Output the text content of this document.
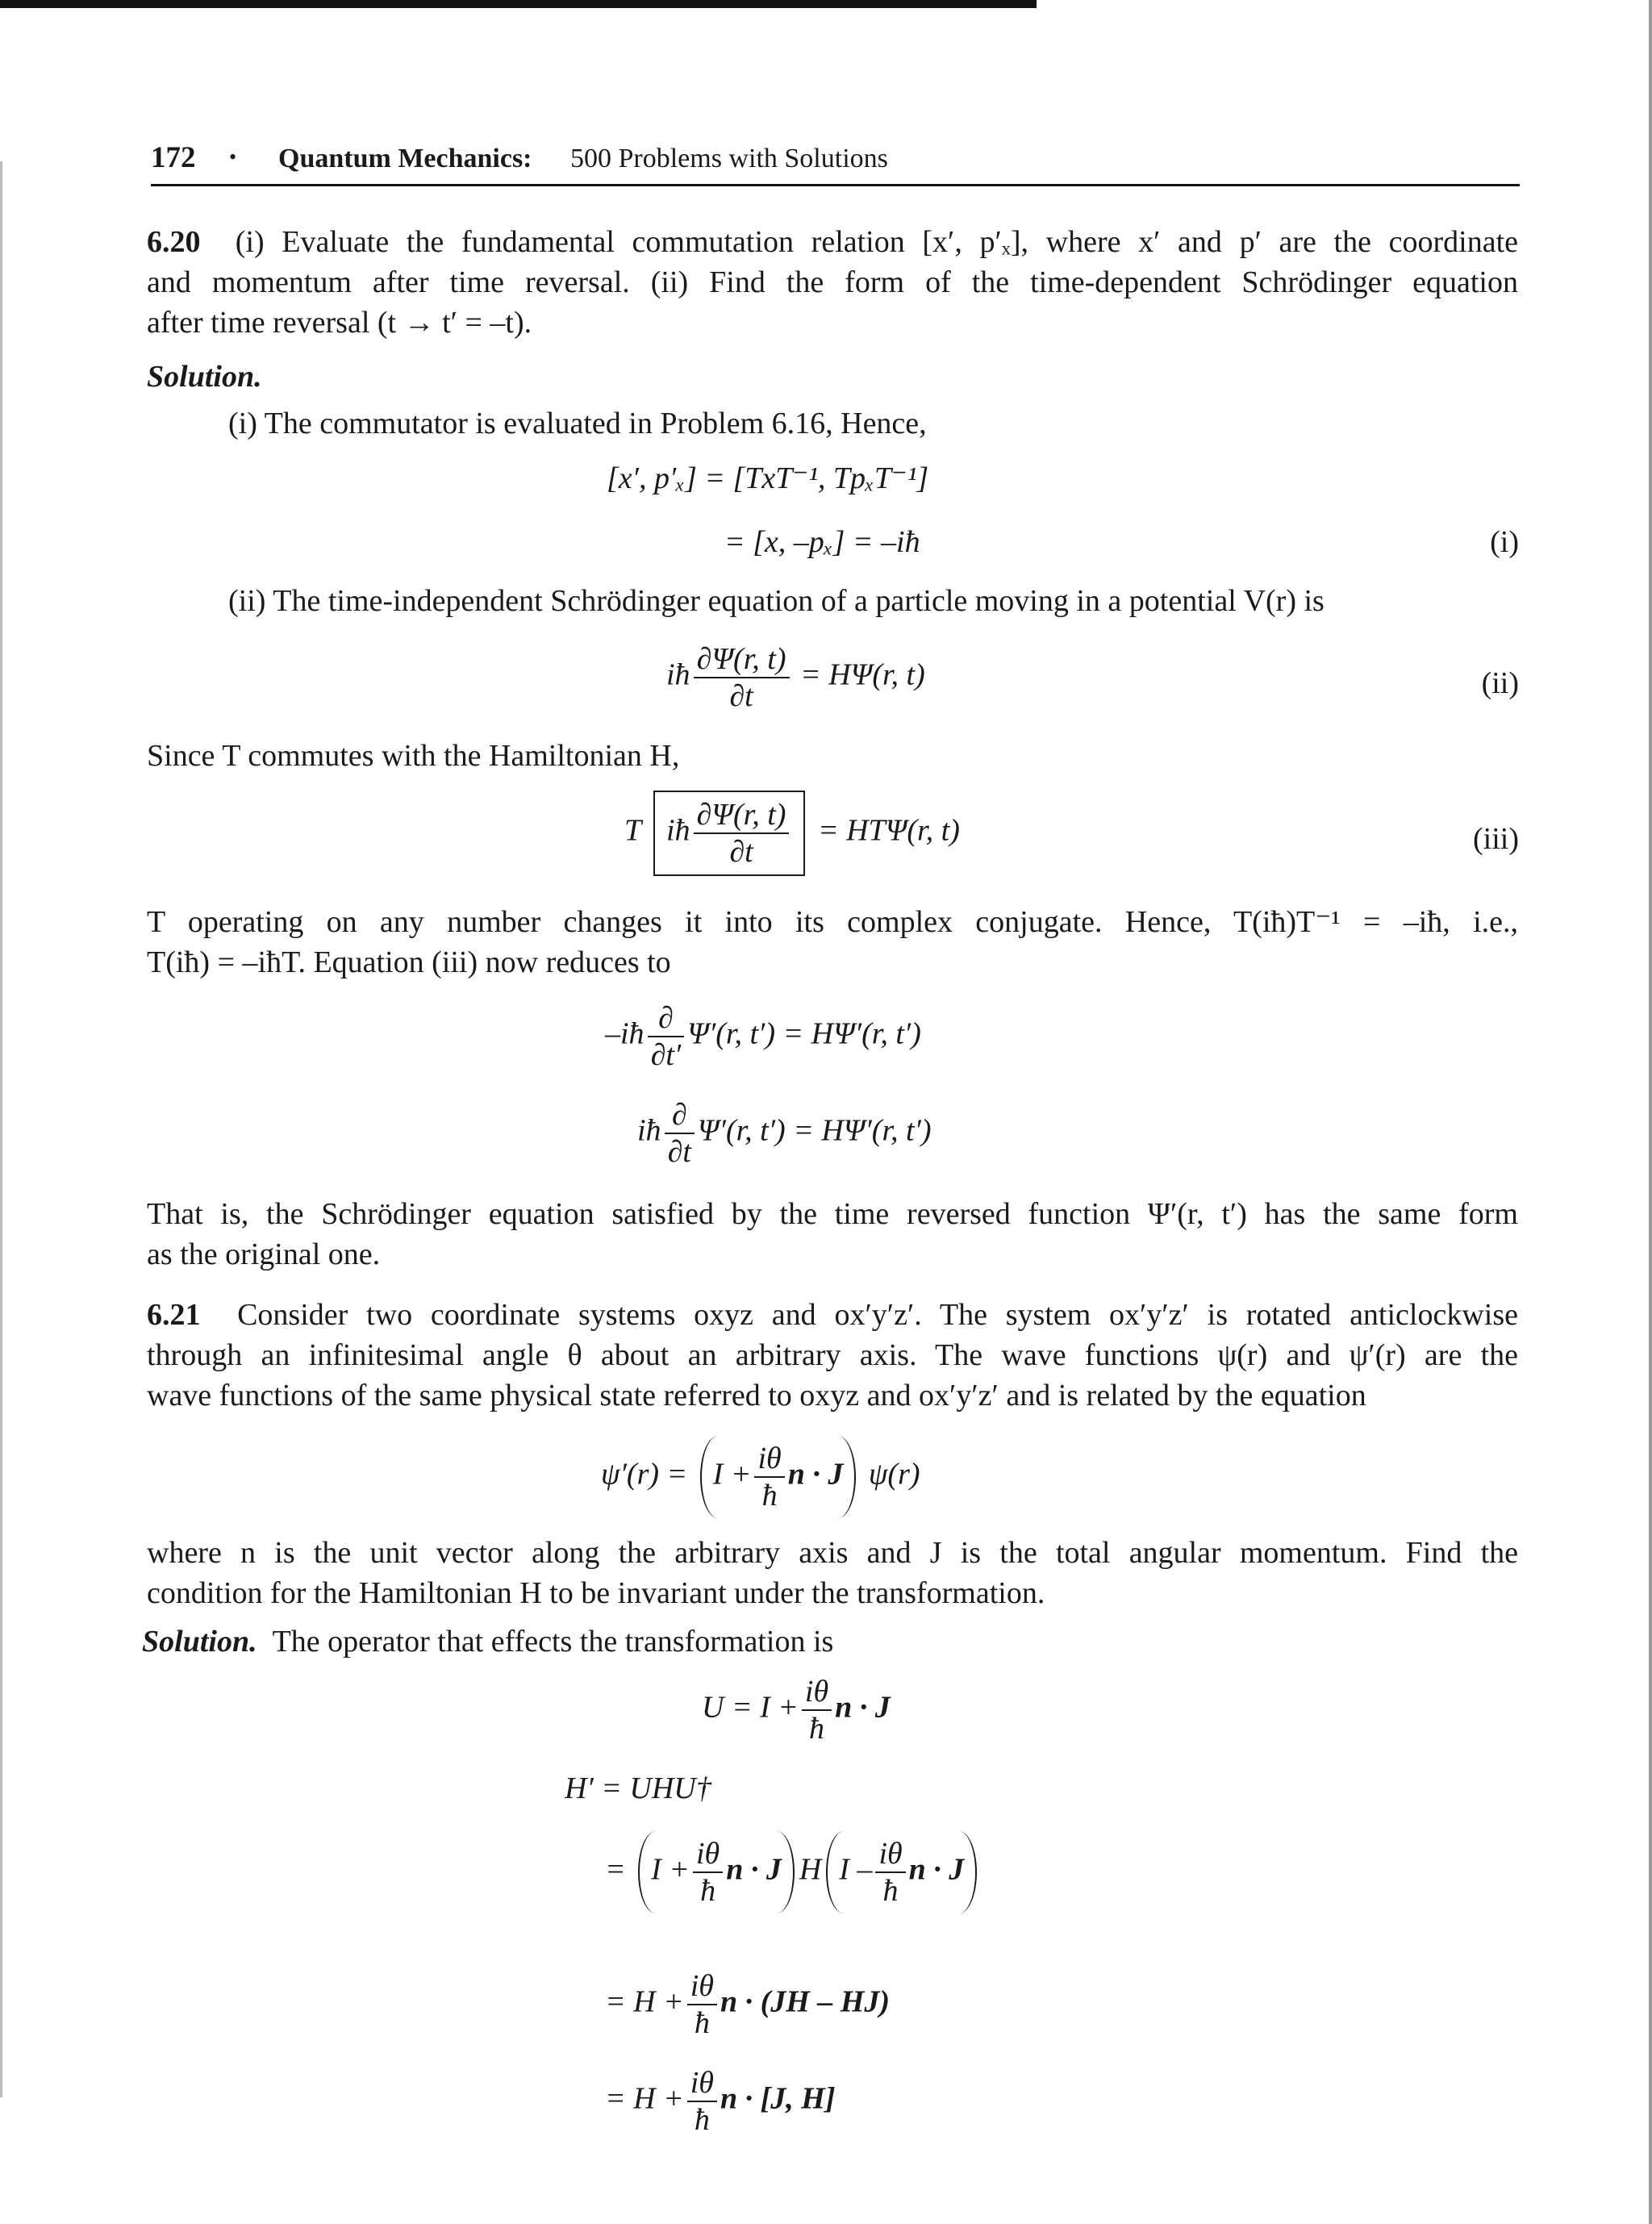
172 • Quantum Mechanics: 500 Problems with Solutions
6.20 (i) Evaluate the fundamental commutation relation [x′, p′ₓ], where x′ and p′ are the coordinate
and momentum after time reversal. (ii) Find the form of the time-dependent Schrödinger equation
after time reversal (t → t′ = –t).
Solution.
(i) The commutator is evaluated in Problem 6.16, Hence,
[x′, p′ₓ] = [TxT⁻¹, TpₓT⁻¹]
= [x, –pₓ] = –iħ	(i)
(ii) The time-independent Schrödinger equation of a particle moving in a potential V(r) is
iħ $\frac{\partial\Psi(r, t)}{\partial t} = H\Psi(r$, t)	(ii)
Since T commutes with the Hamiltonian H,
T iħ $\frac{\partial\Psi(r, t)}{\partial t} = HT\Psi(r$, t)	(iii)
T operating on any number changes it into its complex conjugate. Hence, T(iħ)T⁻¹ = –iħ, i.e.,
T(iħ) = –iħT. Equation (iii) now reduces to
–iħ $\frac{\partial}{\partial t'} \Psi'(r$, t′) = HΨ′(r, t′)
iħ $\frac{\partial}{\partial t} \Psi'(r$, t′) = HΨ′(r, t′)
That is, the Schrödinger equation satisfied by the time reversed function Ψ′(r, t′) has the same form
as the original one.
6.21 Consider two coordinate systems oxyz and ox′y′z′. The system ox′y′z′ is rotated anticlockwise
through an infinitesimal angle θ about an arbitrary axis. The wave functions ψ(r) and ψ′(r) are the
wave functions of the same physical state referred to oxyz and ox′y′z′ and is related by the equation
$\psi'(r) = I + \frac{i\theta}{ħ}$ n · J ψ(r)
where n is the unit vector along the arbitrary axis and J is the total angular momentum. Find the
condition for the Hamiltonian H to be invariant under the transformation.
Solution. The operator that effects the transformation is
$U = I + \frac{i\theta}{ħ}$ n · J
H′ = UHU†
= $I + \frac{i\theta}{ħ}$ n · J H I – $\frac{i\theta}{ħ}$ n · J
= $H + \frac{i\theta}{ħ}$ n · (JH – HJ)
= $H + \frac{i\theta}{ħ}$ n · [J, H]
